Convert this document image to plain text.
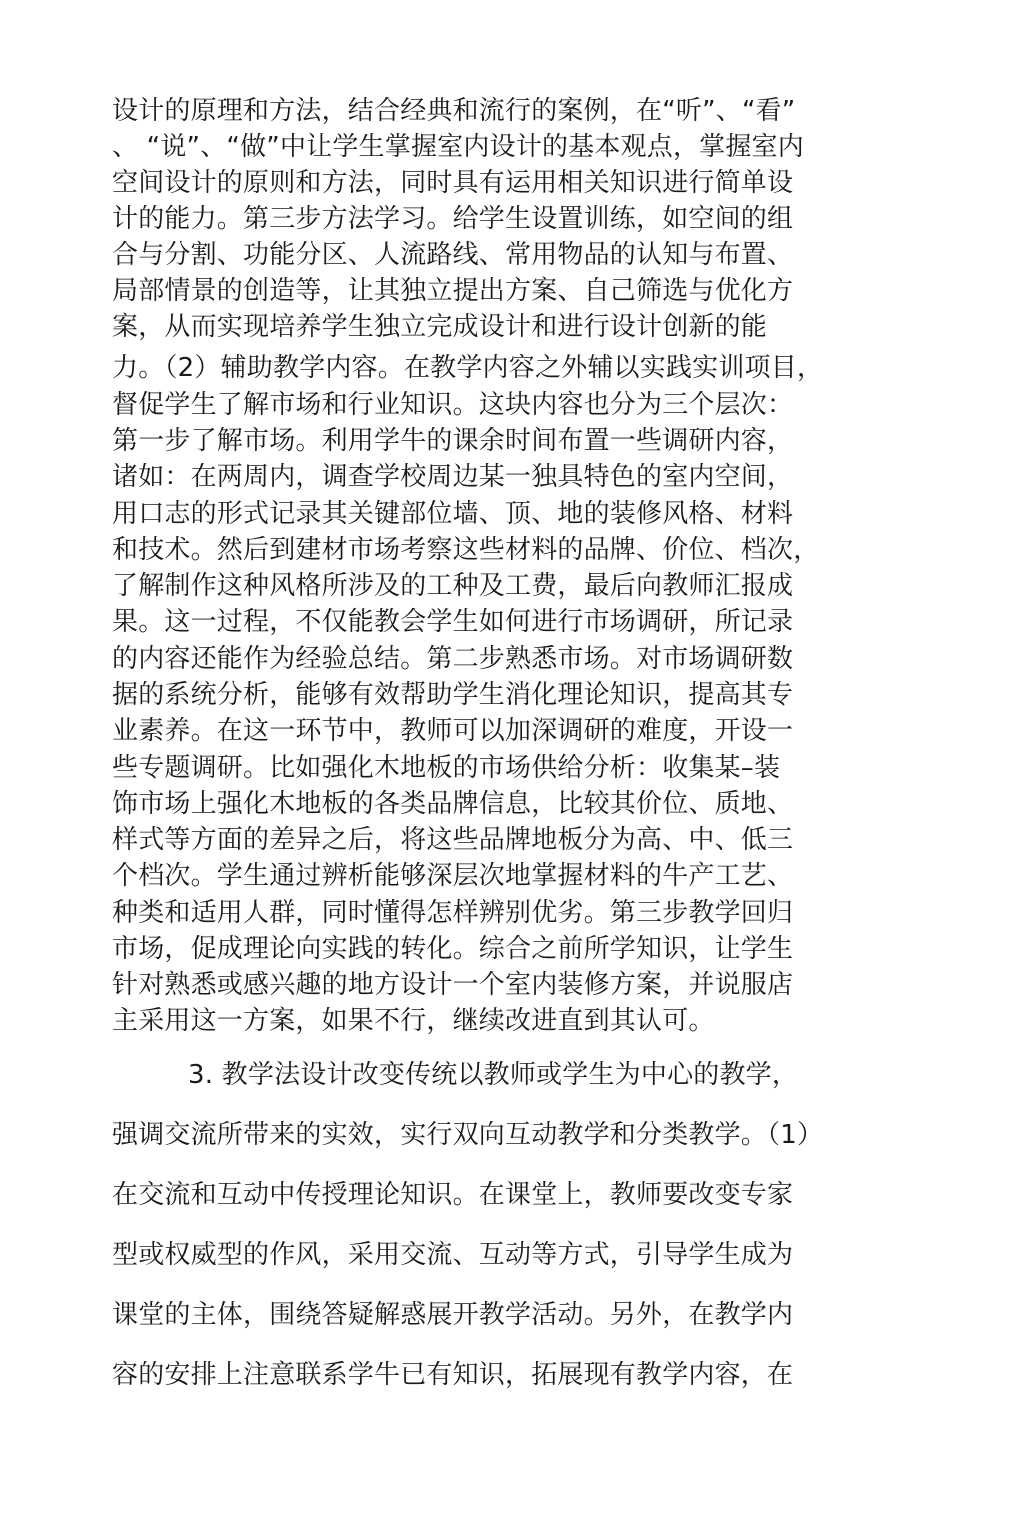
设计的原理和方法，结合经典和流行的案例，在“听”、“看”
、 “说”、“做”中让学生掌握室内设计的基本观点，掌握室内
空间设计的原则和方法，同时具有运用相关知识进行简单设
计的能力。第三步方法学习。给学生设置训练，如空间的组
合与分割、功能分区、人流路线、常用物品的认知与布置、
局部情景的创造等，让其独立提出方案、自己筛选与优化方
案，从而实现培养学生独立完成设计和进行设计创新的能
力。（2）辅助教学内容。在教学内容之外辅以实践实训项目，
督促学生了解市场和行业知识。这块内容也分为三个层次：
第一步了解市场。利用学牛的课余时间布置一些调研内容，
诸如：在两周内，调查学校周边某一独具特色的室内空间，
用口志的形式记录其关键部位墙、顶、地的装修风格、材料
和技术。然后到建材市场考察这些材料的品牌、价位、档次，
了解制作这种风格所涉及的工种及工费，最后向教师汇报成
果。这一过程，不仅能教会学生如何进行市场调研，所记录
的内容还能作为经验总结。第二步熟悉市场。对市场调研数
据的系统分析，能够有效帮助学生消化理论知识，提高其专
业素养。在这一环节中，教师可以加深调研的难度，开设一
些专题调研。比如强化木地板的市场供给分析：收集某–装
饰市场上强化木地板的各类品牌信息，比较其价位、质地、
样式等方面的差异之后，将这些品牌地板分为高、中、低三
个档次。学生通过辨析能够深层次地掌握材料的牛产工艺、
种类和适用人群，同时懂得怎样辨别优劣。第三步教学回归
市场，促成理论向实践的转化。综合之前所学知识，让学生
针对熟悉或感兴趣的地方设计一个室内装修方案，并说服店
主采用这一方案，如果不行，继续改进直到其认可。
3. 教学法设计改变传统以教师或学生为中心的教学，
强调交流所带来的实效，实行双向互动教学和分类教学。（1）
在交流和互动中传授理论知识。在课堂上，教师要改变专家
型或权威型的作风，采用交流、互动等方式，引导学生成为
课堂的主体，围绕答疑解惑展开教学活动。另外，在教学内
容的安排上注意联系学牛已有知识，拓展现有教学内容，在
